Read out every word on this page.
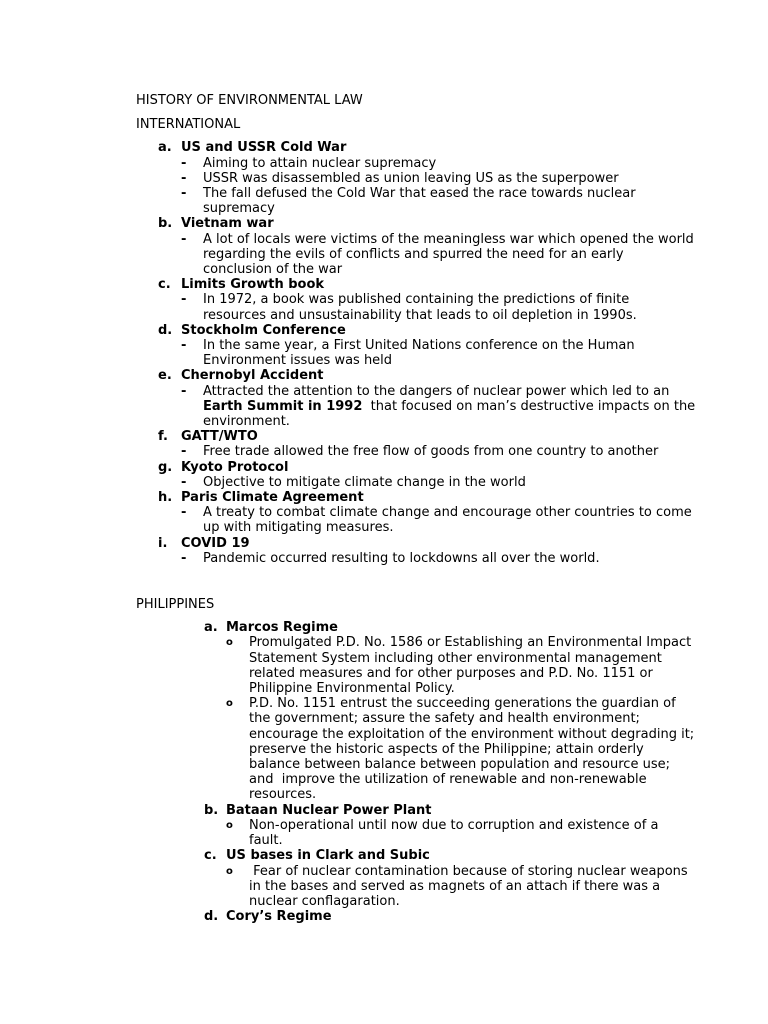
HISTORY OF ENVIRONMENTAL LAW
INTERNATIONAL
a. US and USSR Cold War
- Aiming to attain nuclear supremacy
- USSR was disassembled as union leaving US as the superpower
- The fall defused the Cold War that eased the race towards nuclear supremacy
b. Vietnam war
- A lot of locals were victims of the meaningless war which opened the world regarding the evils of conflicts and spurred the need for an early conclusion of the war
c. Limits Growth book
- In 1972, a book was published containing the predictions of finite resources and unsustainability that leads to oil depletion in 1990s.
d. Stockholm Conference
- In the same year, a First United Nations conference on the Human Environment issues was held
e. Chernobyl Accident
- Attracted the attention to the dangers of nuclear power which led to an Earth Summit in 1992  that focused on man’s destructive impacts on the environment.
f. GATT/WTO
- Free trade allowed the free flow of goods from one country to another
g. Kyoto Protocol
- Objective to mitigate climate change in the world
h. Paris Climate Agreement
- A treaty to combat climate change and encourage other countries to come up with mitigating measures.
i. COVID 19
- Pandemic occurred resulting to lockdowns all over the world.
PHILIPPINES
a. Marcos Regime
o Promulgated P.D. No. 1586 or Establishing an Environmental Impact Statement System including other environmental management related measures and for other purposes and P.D. No. 1151 or Philippine Environmental Policy.
o P.D. No. 1151 entrust the succeeding generations the guardian of the government; assure the safety and health environment;  encourage the exploitation of the environment without degrading it; preserve the historic aspects of the Philippine; attain orderly balance between balance between population and resource use; and  improve the utilization of renewable and non-renewable resources.
b. Bataan Nuclear Power Plant
o Non-operational until now due to corruption and existence of a fault.
c. US bases in Clark and Subic
o Fear of nuclear contamination because of storing nuclear weapons in the bases and served as magnets of an attach if there was a nuclear conflagaration.
d. Cory’s Regime
